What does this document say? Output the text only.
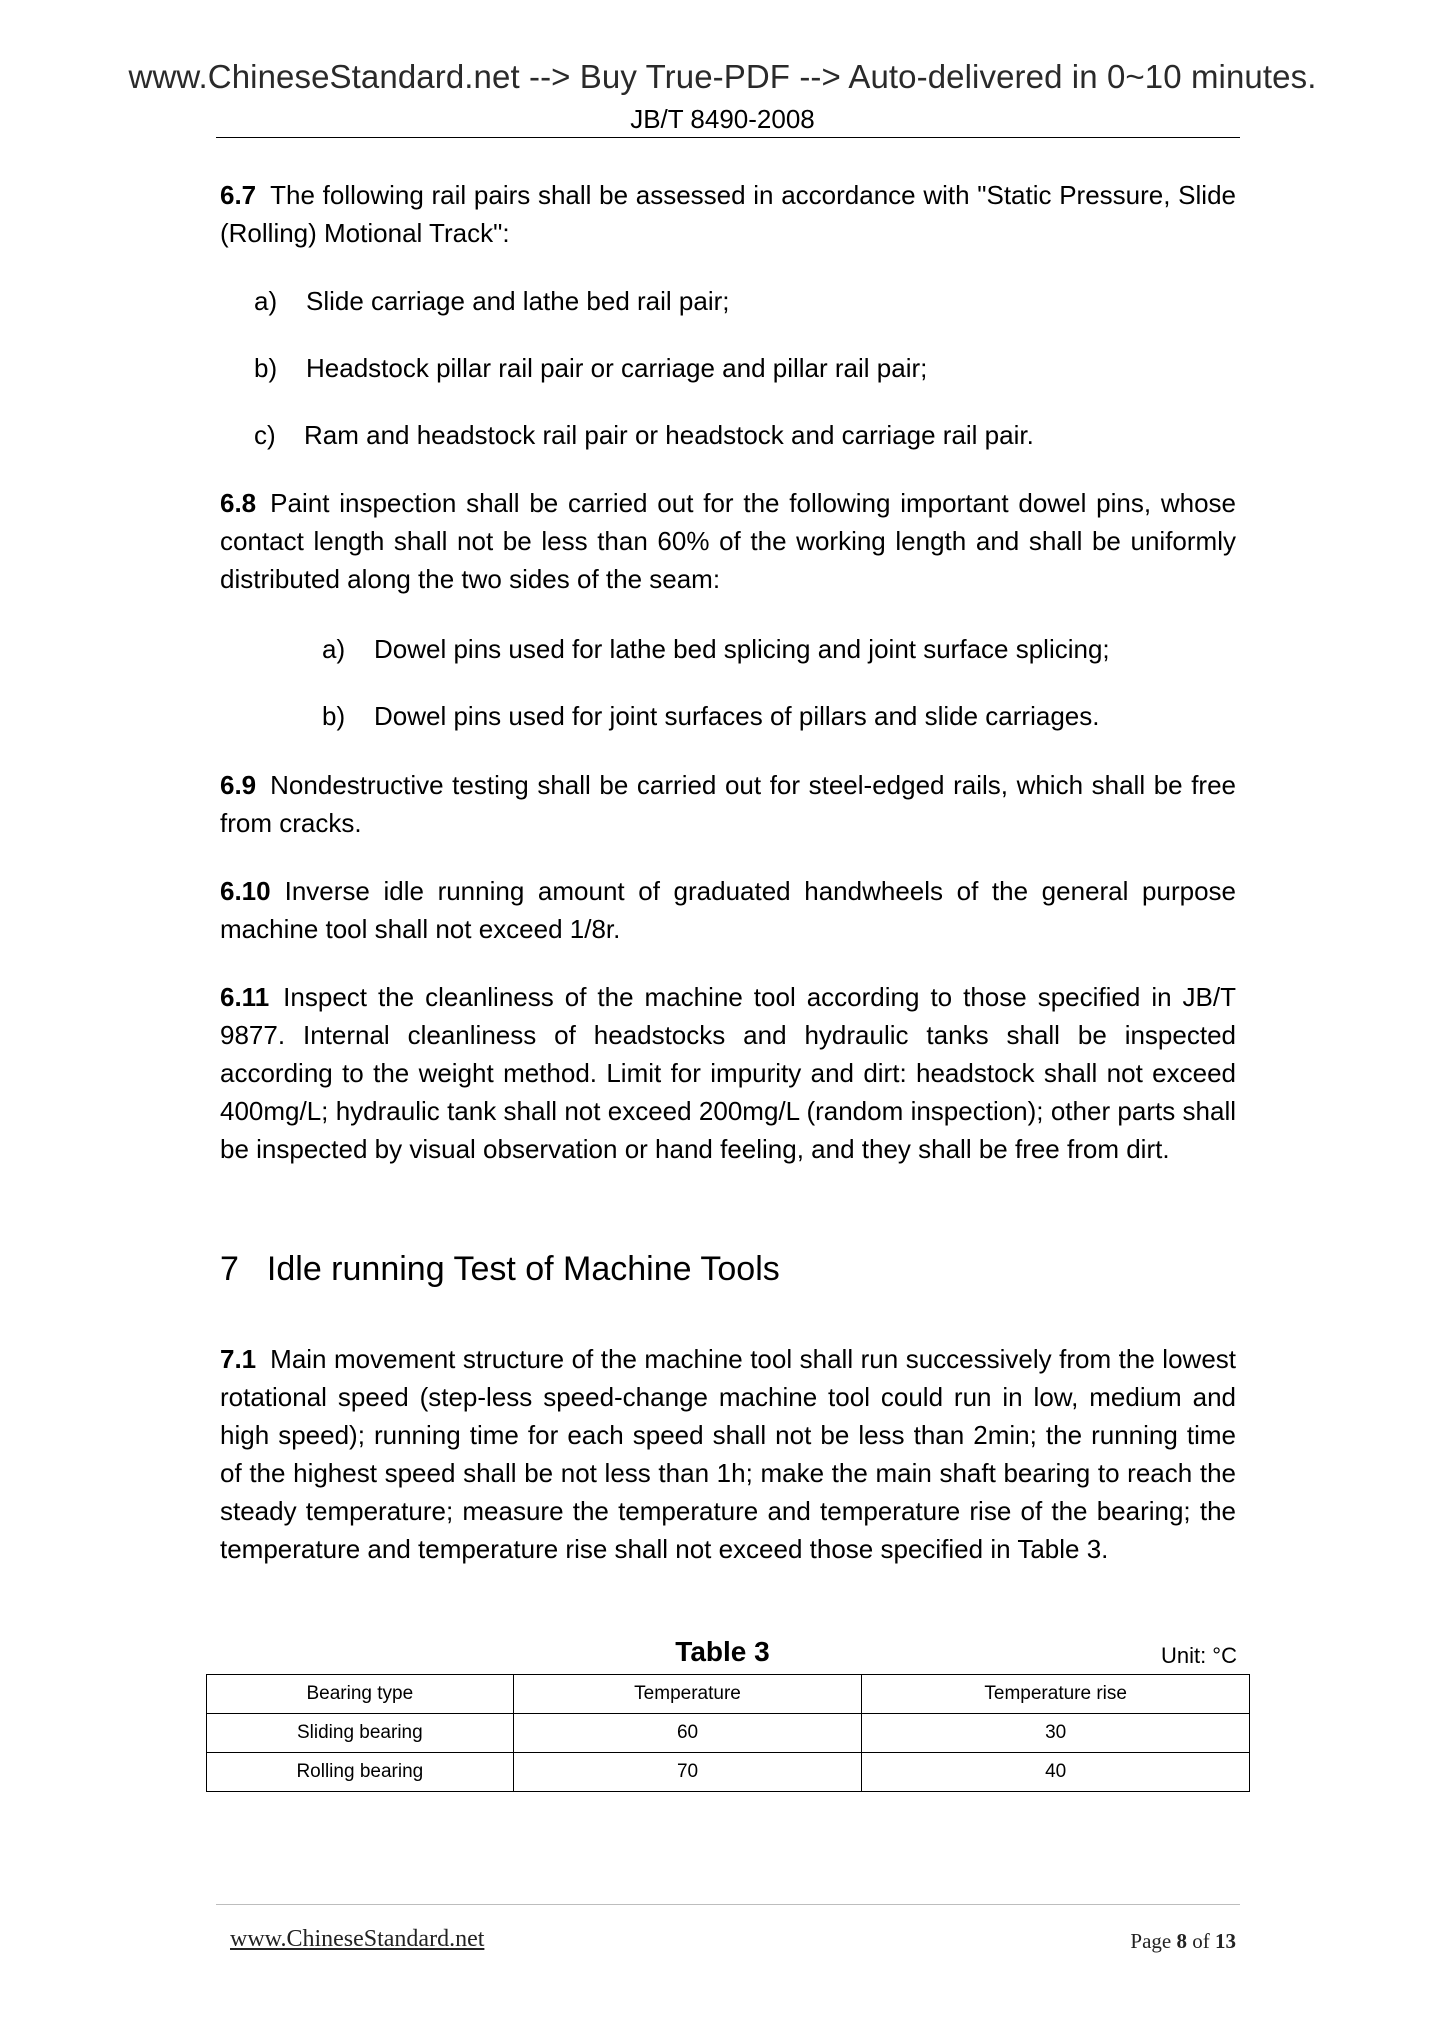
www.ChineseStandard.net --> Buy True-PDF --> Auto-delivered in 0~10 minutes.
JB/T 8490-2008
6.7 The following rail pairs shall be assessed in accordance with "Static Pressure, Slide (Rolling) Motional Track":
a) Slide carriage and lathe bed rail pair;
b) Headstock pillar rail pair or carriage and pillar rail pair;
c) Ram and headstock rail pair or headstock and carriage rail pair.
6.8 Paint inspection shall be carried out for the following important dowel pins, whose contact length shall not be less than 60% of the working length and shall be uniformly distributed along the two sides of the seam:
a) Dowel pins used for lathe bed splicing and joint surface splicing;
b) Dowel pins used for joint surfaces of pillars and slide carriages.
6.9 Nondestructive testing shall be carried out for steel-edged rails, which shall be free from cracks.
6.10 Inverse idle running amount of graduated handwheels of the general purpose machine tool shall not exceed 1/8r.
6.11 Inspect the cleanliness of the machine tool according to those specified in JB/T 9877. Internal cleanliness of headstocks and hydraulic tanks shall be inspected according to the weight method. Limit for impurity and dirt: headstock shall not exceed 400mg/L; hydraulic tank shall not exceed 200mg/L (random inspection); other parts shall be inspected by visual observation or hand feeling, and they shall be free from dirt.
7 Idle running Test of Machine Tools
7.1 Main movement structure of the machine tool shall run successively from the lowest rotational speed (step-less speed-change machine tool could run in low, medium and high speed); running time for each speed shall not be less than 2min; the running time of the highest speed shall be not less than 1h; make the main shaft bearing to reach the steady temperature; measure the temperature and temperature rise of the bearing; the temperature and temperature rise shall not exceed those specified in Table 3.
Table 3	Unit: °C
Bearing type	Temperature	Temperature rise
Sliding bearing	60	30
Rolling bearing	70	40
www.ChineseStandard.net	Page 8 of 13
